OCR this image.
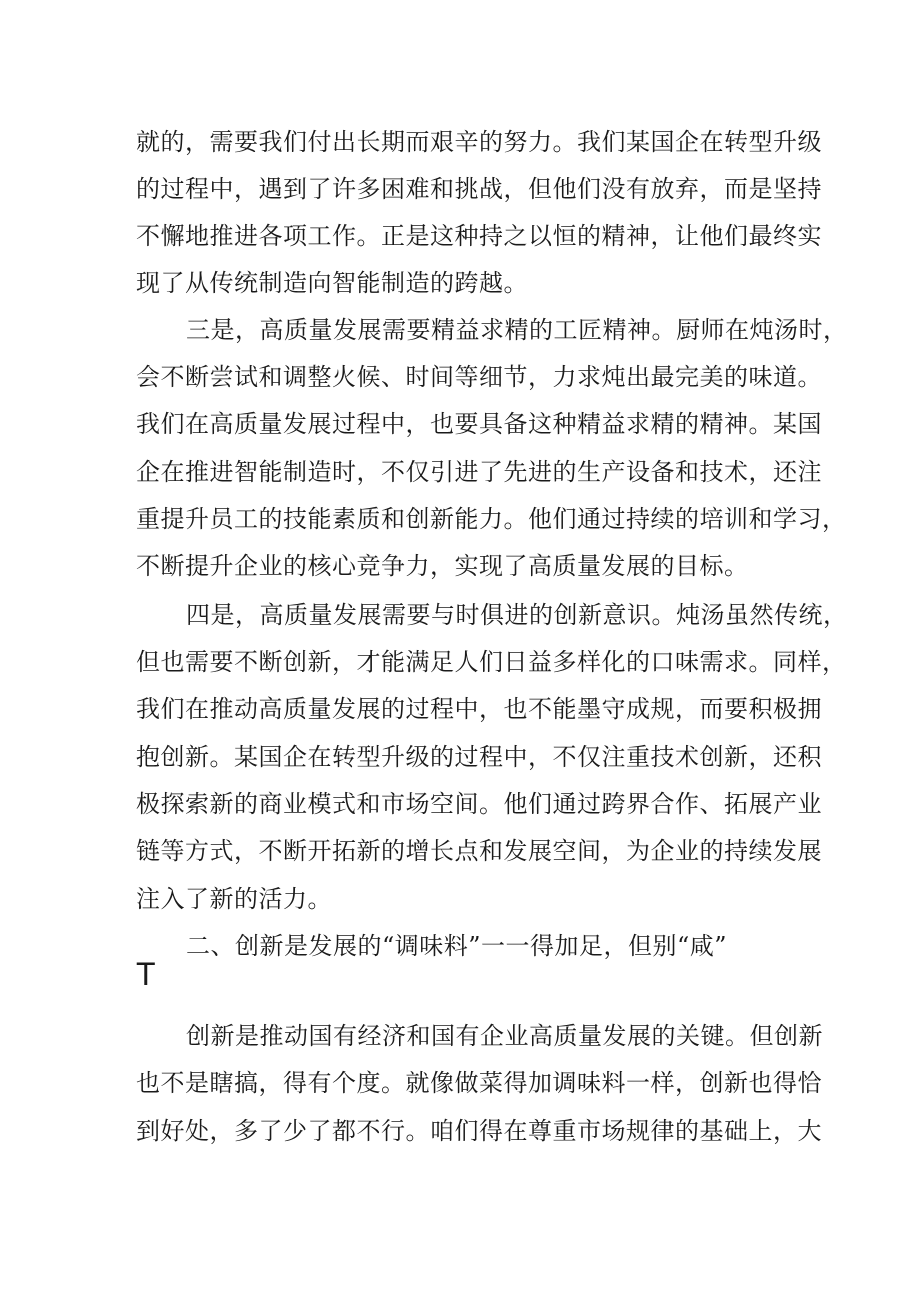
就的，需要我们付出长期而艰辛的努力。我们某国企在转型升级

的过程中，遇到了许多困难和挑战，但他们没有放弃，而是坚持

不懈地推进各项工作。正是这种持之以恒的精神，让他们最终实

现了从传统制造向智能制造的跨越。

三是，高质量发展需要精益求精的工匠精神。厨师在炖汤时，

会不断尝试和调整火候、时间等细节，力求炖出最完美的味道。

我们在高质量发展过程中，也要具备这种精益求精的精神。某国

企在推进智能制造时，不仅引进了先进的生产设备和技术，还注

重提升员工的技能素质和创新能力。他们通过持续的培训和学习，

不断提升企业的核心竞争力，实现了高质量发展的目标。

四是，高质量发展需要与时俱进的创新意识。炖汤虽然传统，

但也需要不断创新，才能满足人们日益多样化的口味需求。同样，

我们在推动高质量发展的过程中，也不能墨守成规，而要积极拥

抱创新。某国企在转型升级的过程中，不仅注重技术创新，还积

极探索新的商业模式和市场空间。他们通过跨界合作、拓展产业

链等方式，不断开拓新的增长点和发展空间，为企业的持续发展

注入了新的活力。

二、创新是发展的“调味料”一一得加足，但别“咸”

T

创新是推动国有经济和国有企业高质量发展的关键。但创新

也不是瞎搞，得有个度。就像做菜得加调味料一样，创新也得恰

到好处，多了少了都不行。咱们得在尊重市场规律的基础上，大
